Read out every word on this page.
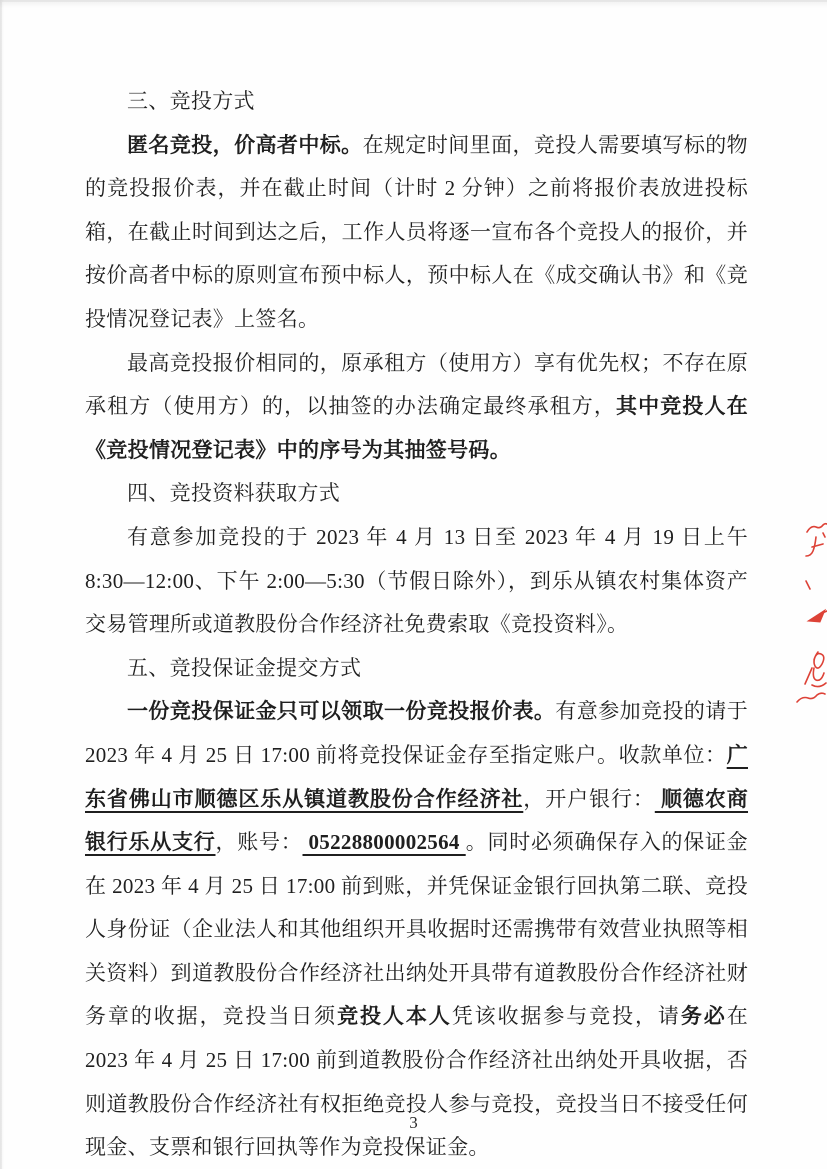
三、竞投方式

匿名竞投，价高者中标。在规定时间里面，竞投人需要填写标的物的竞投报价表，并在截止时间（计时 2 分钟）之前将报价表放进投标箱，在截止时间到达之后，工作人员将逐一宣布各个竞投人的报价，并按价高者中标的原则宣布预中标人，预中标人在《成交确认书》和《竞投情况登记表》上签名。

最高竞投报价相同的，原承租方（使用方）享有优先权；不存在原承租方（使用方）的，以抽签的办法确定最终承租方，其中竞投人在《竞投情况登记表》中的序号为其抽签号码。

四、竞投资料获取方式

有意参加竞投的于 2023 年 4 月 13 日至 2023 年 4 月 19 日上午 8:30—12:00、下午 2:00—5:30（节假日除外），到乐从镇农村集体资产交易管理所或道教股份合作经济社免费索取《竞投资料》。

五、竞投保证金提交方式

一份竞投保证金只可以领取一份竞投报价表。有意参加竞投的请于 2023 年 4 月 25 日 17:00 前将竞投保证金存至指定账户。收款单位：广东省佛山市顺德区乐从镇道教股份合作经济社，开户银行： 顺德农商银行乐从支行，账号： 05228800002564 。同时必须确保存入的保证金在 2023 年 4 月 25 日 17:00 前到账，并凭保证金银行回执第二联、竞投人身份证（企业法人和其他组织开具收据时还需携带有效营业执照等相关资料）到道教股份合作经济社出纳处开具带有道教股份合作经济社财务章的收据，竞投当日须竞投人本人凭该收据参与竞投，请务必在 2023 年 4 月 25 日 17:00 前到道教股份合作经济社出纳处开具收据，否则道教股份合作经济社有权拒绝竞投人参与竞投，竞投当日不接受任何现金、支票和银行回执等作为竞投保证金。

3
